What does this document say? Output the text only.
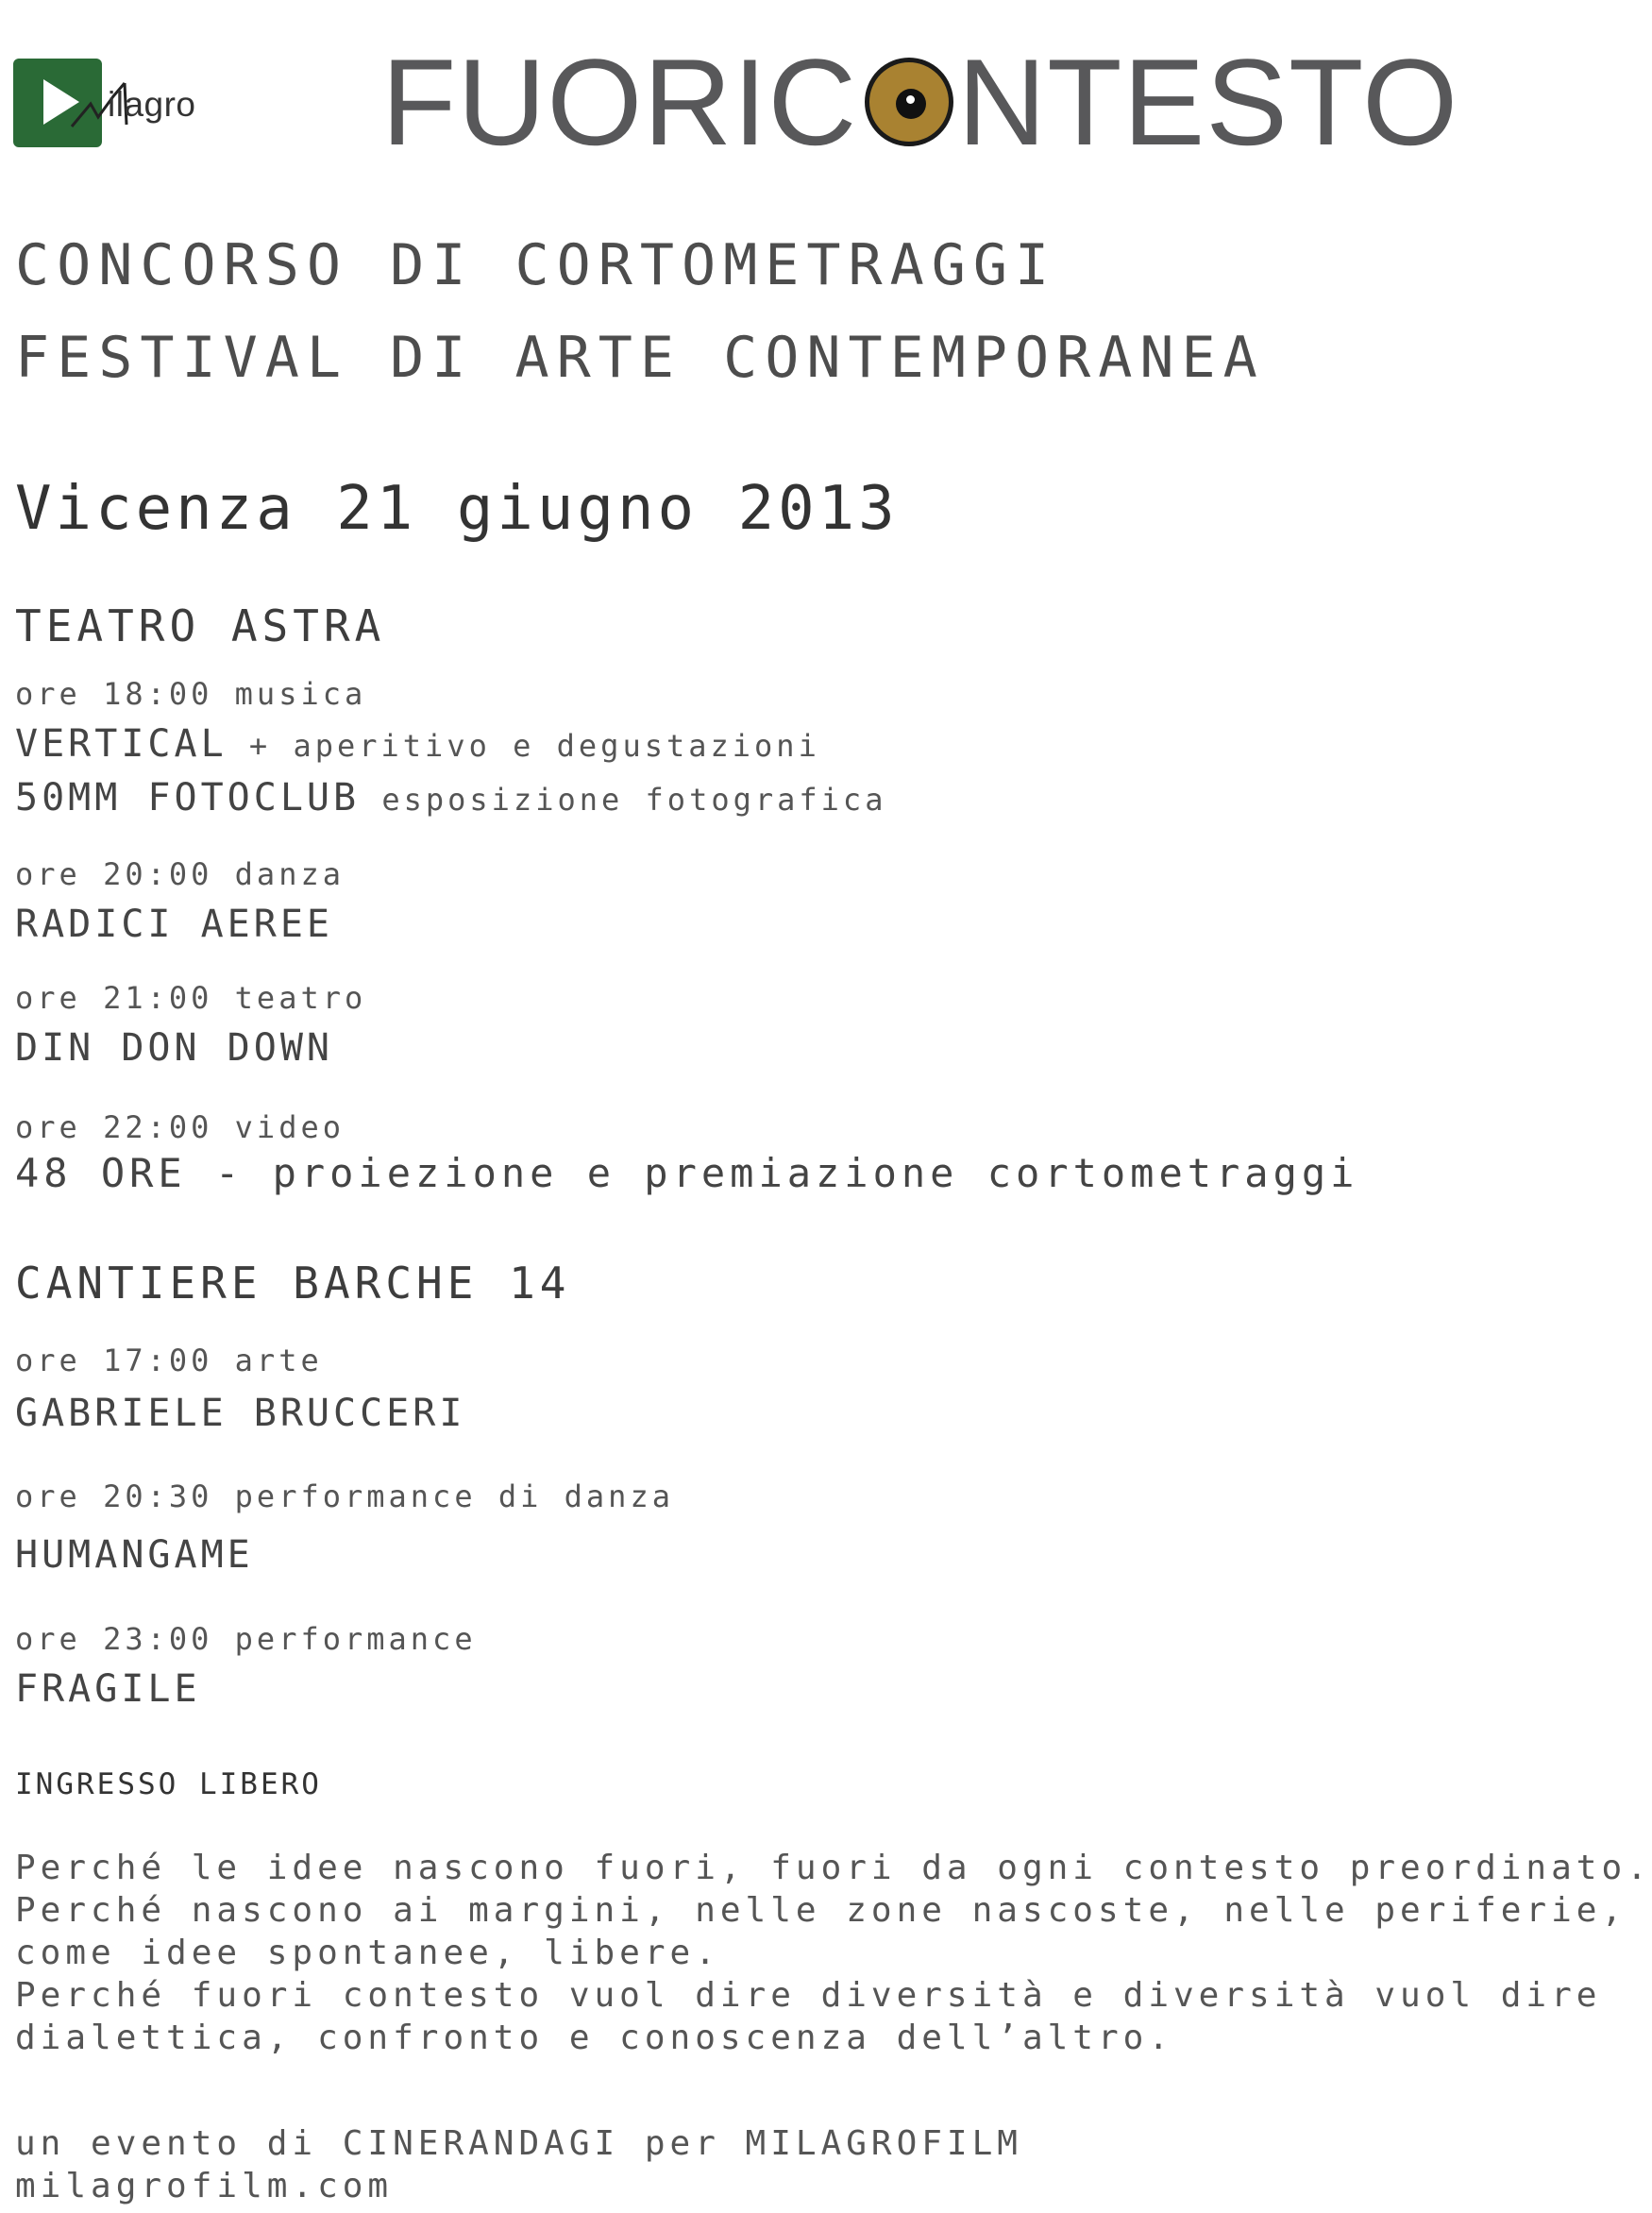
ilagro FUORIC NTESTO
CONCORSO DI CORTOMETRAGGI
FESTIVAL DI ARTE CONTEMPORANEA
Vicenza 21 giugno 2013
TEATRO ASTRA
ore 18:00 musica
VERTICAL + aperitivo e degustazioni
50MM FOTOCLUB esposizione fotografica
ore 20:00 danza
RADICI AEREE
ore 21:00 teatro
DIN DON DOWN
ore 22:00 video
48 ORE - proiezione e premiazione cortometraggi
CANTIERE BARCHE 14
ore 17:00 arte
GABRIELE BRUCCERI
ore 20:30 performance di danza
HUMANGAME
ore 23:00 performance
FRAGILE
INGRESSO LIBERO
Perché le idee nascono fuori, fuori da ogni contesto preordinato.
Perché nascono ai margini, nelle zone nascoste, nelle periferie,
come idee spontanee, libere.
Perché fuori contesto vuol dire diversità e diversità vuol dire
dialettica, confronto e conoscenza dell’altro.
un evento di CINERANDAGI per MILAGROFILM
milagrofilm.com
